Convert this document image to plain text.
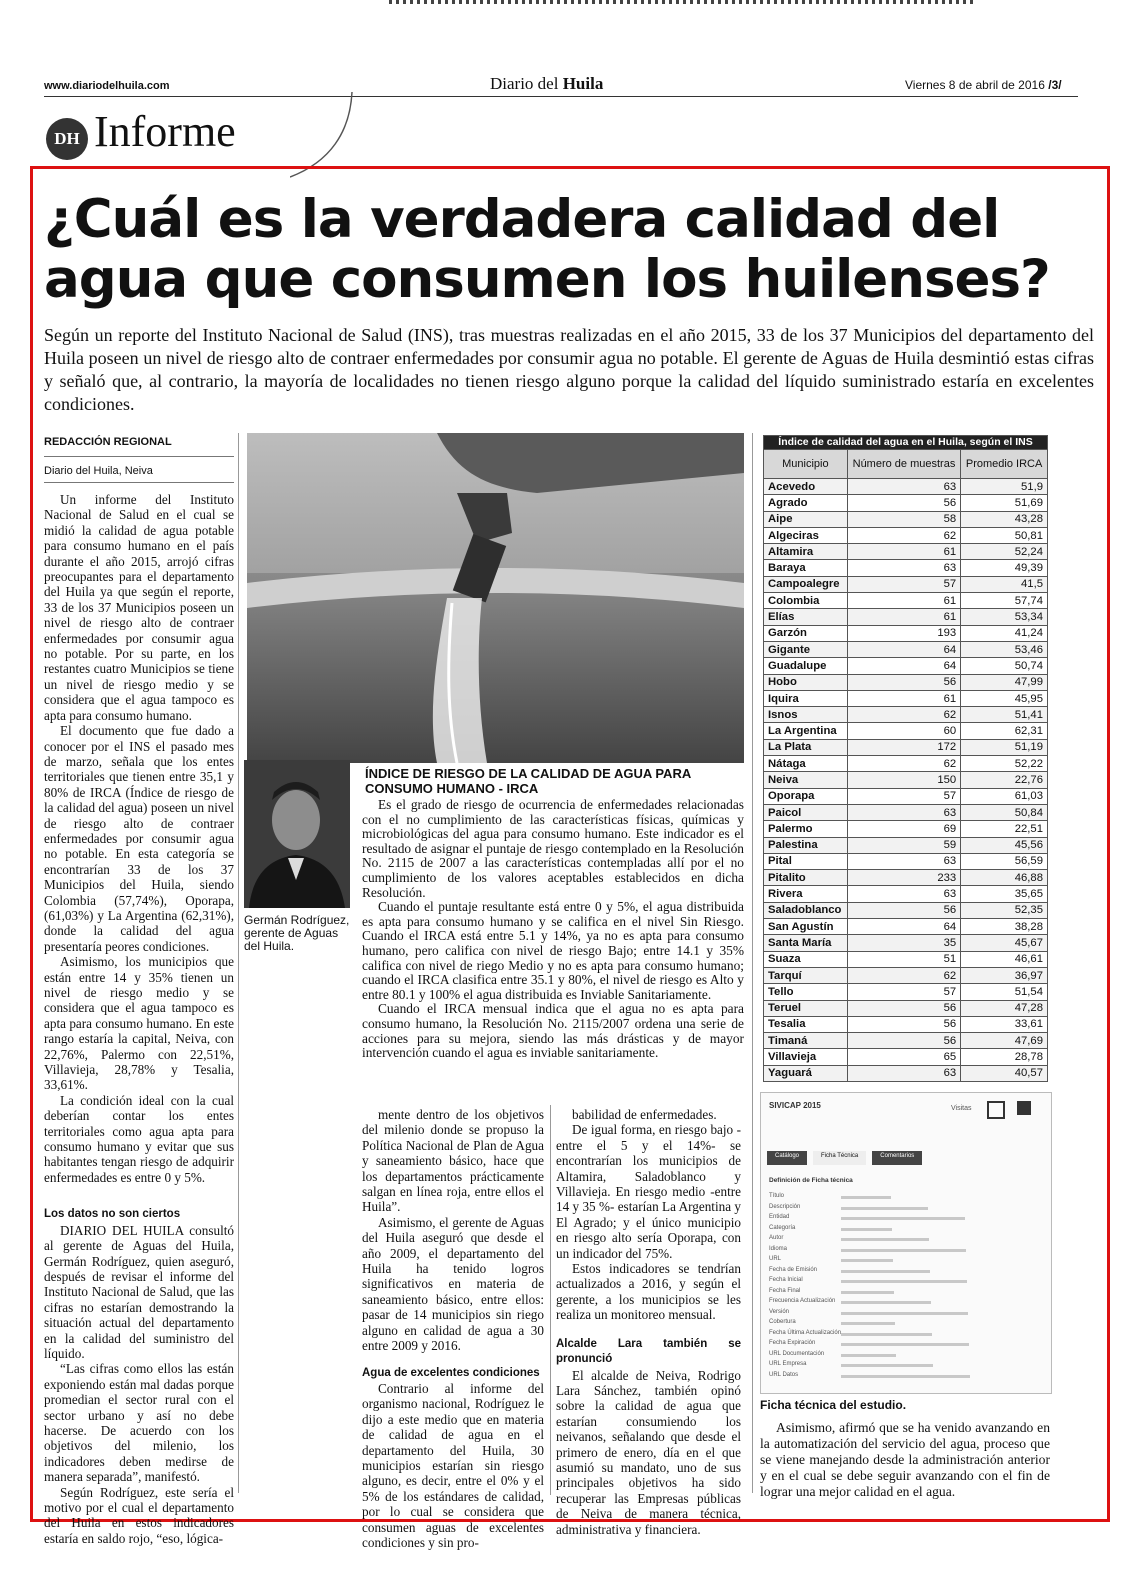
www.diariodelhuila.com	Diario del Huila	Viernes 8 de abril de 2016 /3/
DH Informe
¿Cuál es la verdadera calidad del agua que consumen los huilenses?
Según un reporte del Instituto Nacional de Salud (INS), tras muestras realizadas en el año 2015, 33 de los 37 Municipios del departamento del Huila poseen un nivel de riesgo alto de contraer enfermedades por consumir agua no potable. El gerente de Aguas de Huila desmintió estas cifras y señaló que, al contrario, la mayoría de localidades no tienen riesgo alguno porque la calidad del líquido suministrado estaría en excelentes condiciones.
REDACCIÓN REGIONAL
Diario del Huila, Neiva

Un informe del Instituto Nacional de Salud en el cual se midió la calidad de agua potable para consumo humano en el país durante el año 2015, arrojó cifras preocupantes para el departamento del Huila ya que según el reporte, 33 de los 37 Municipios poseen un nivel de riesgo alto de contraer enfermedades por consumir agua no potable. Por su parte, en los restantes cuatro Municipios se tiene un nivel de riesgo medio y se considera que el agua tampoco es apta para consumo humano.

El documento que fue dado a conocer por el INS el pasado mes de marzo, señala que los entes territoriales que tienen entre 35,1 y 80% de IRCA (Índice de riesgo de la calidad del agua) poseen un nivel de riesgo alto de contraer enfermedades por consumir agua no potable. En esta categoría se encontrarían 33 de los 37 Municipios del Huila, siendo Colombia (57,74%), Oporapa, (61,03%) y La Argentina (62,31%), donde la calidad del agua presentaría peores condiciones.

Asimismo, los municipios que están entre 14 y 35% tienen un nivel de riesgo medio y se considera que el agua tampoco es apta para consumo humano. En este rango estaría la capital, Neiva, con 22,76%, Palermo con 22,51%, Villavieja, 28,78% y Tesalia, 33,61%.

La condición ideal con la cual deberían contar los entes territoriales como agua apta para consumo humano y evitar que sus habitantes tengan riesgo de adquirir enfermedades es entre 0 y 5%.

Los datos no son ciertos

DIARIO DEL HUILA consultó al gerente de Aguas del Huila, Germán Rodríguez, quien aseguró, después de revisar el informe del Instituto Nacional de Salud, que las cifras no estarían demostrando la situación actual del departamento en la calidad del suministro del líquido.

“Las cifras como ellos las están exponiendo están mal dadas porque promedian el sector rural con el sector urbano y así no debe hacerse. De acuerdo con los objetivos del milenio, los indicadores deben medirse de manera separada”, manifestó.

Según Rodríguez, este sería el motivo por el cual el departamento del Huila en estos indicadores estaría en saldo rojo, “eso, lógica-

Germán Rodríguez, gerente de Aguas del Huila.
ÍNDICE DE RIESGO DE LA CALIDAD DE AGUA PARA CONSUMO HUMANO - IRCA

Es el grado de riesgo de ocurrencia de enfermedades relacionadas con el no cumplimiento de las características físicas, químicas y microbiológicas del agua para consumo humano. Este indicador es el resultado de asignar el puntaje de riesgo contemplado en la Resolución No. 2115 de 2007 a las características contempladas allí por el no cumplimiento de los valores aceptables establecidos en dicha Resolución.

Cuando el puntaje resultante está entre 0 y 5%, el agua distribuida es apta para consumo humano y se califica en el nivel Sin Riesgo. Cuando el IRCA está entre 5.1 y 14%, ya no es apta para consumo humano, pero califica con nivel de riesgo Bajo; entre 14.1 y 35% califica con nivel de riego Medio y no es apta para consumo humano; cuando el IRCA clasifica entre 35.1 y 80%, el nivel de riesgo es Alto y entre 80.1 y 100% el agua distribuida es Inviable Sanitariamente.

Cuando el IRCA mensual indica que el agua no es apta para consumo humano, la Resolución No. 2115/2007 ordena una serie de acciones para su mejora, siendo las más drásticas y de mayor intervención cuando el agua es inviable sanitariamente.

mente dentro de los objetivos del milenio donde se propuso la Política Nacional de Plan de Agua y saneamiento básico, hace que los departamentos prácticamente salgan en línea roja, entre ellos el Huila”.

Asimismo, el gerente de Aguas del Huila aseguró que desde el año 2009, el departamento del Huila ha tenido logros significativos en materia de saneamiento básico, entre ellos: pasar de 14 municipios sin riego alguno en calidad de agua a 30 entre 2009 y 2016.

Agua de excelentes condiciones

Contrario al informe del organismo nacional, Rodríguez le dijo a este medio que en materia de calidad de agua en el departamento del Huila, 30 municipios estarían sin riesgo alguno, es decir, entre el 0% y el 5% de los estándares de calidad, por lo cual se considera que consumen aguas de excelentes condiciones y sin pro-

babilidad de enfermedades.

De igual forma, en riesgo bajo -entre el 5 y el 14%- se encontrarían los municipios de Altamira, Saladoblanco y Villavieja. En riesgo medio -entre 14 y 35 %- estarían La Argentina y El Agrado; y el único municipio en riesgo alto sería Oporapa, con un indicador del 75%.

Estos indicadores se tendrían actualizados a 2016, y según el gerente, a los municipios se les realiza un monitoreo mensual.

Alcalde Lara también se pronunció

El alcalde de Neiva, Rodrigo Lara Sánchez, también opinó sobre la calidad de agua que estarían consumiendo los neivanos, señalando que desde el primero de enero, día en el que asumió su mandato, uno de sus principales objetivos ha sido recuperar las Empresas públicas de Neiva de manera técnica, administrativa y financiera.

Índice de calidad del agua en el Huila, según el INS		
Municipio	Número de muestras	Promedio IRCA
Acevedo	63	51,9
Agrado	56	51,69
Aipe	58	43,28
Algeciras	62	50,81
Altamira	61	52,24
Baraya	63	49,39
Campoalegre	57	41,5
Colombia	61	57,74
Elías	61	53,34
Garzón	193	41,24
Gigante	64	53,46
Guadalupe	64	50,74
Hobo	56	47,99
Iquira	61	45,95
Isnos	62	51,41
La Argentina	60	62,31
La Plata	172	51,19
Nátaga	62	52,22
Neiva	150	22,76
Oporapa	57	61,03
Paicol	63	50,84
Palermo	69	22,51
Palestina	59	45,56
Pital	63	56,59
Pitalito	233	46,88
Rivera	63	35,65
Saladoblanco	56	52,35
San Agustín	64	38,28
Santa María	35	45,67
Suaza	51	46,61
Tarquí	62	36,97
Tello	57	51,54
Teruel	56	47,28
Tesalia	56	33,61
Timaná	56	47,69
Villavieja	65	28,78
Yaguará	63	40,57
SIVICAP 2015	Visitas
Catálogo	Ficha Técnica	Comentarios
Definición de Ficha técnica
Título
Descripción
Entidad
Categoría
Autor
Idioma
URL
Fecha de Emisión
Fecha Inicial
Fecha Final
Frecuencia Actualización
Versión
Cobertura
Fecha Última Actualización
Fecha Expiración
URL Documentación
URL Empresa
URL Datos
Ficha técnica del estudio.

Asimismo, afirmó que se ha venido avanzando en la automatización del servicio del agua, proceso que se viene manejando desde la administración anterior y en el cual se debe seguir avanzando con el fin de lograr una mejor calidad en el agua.
